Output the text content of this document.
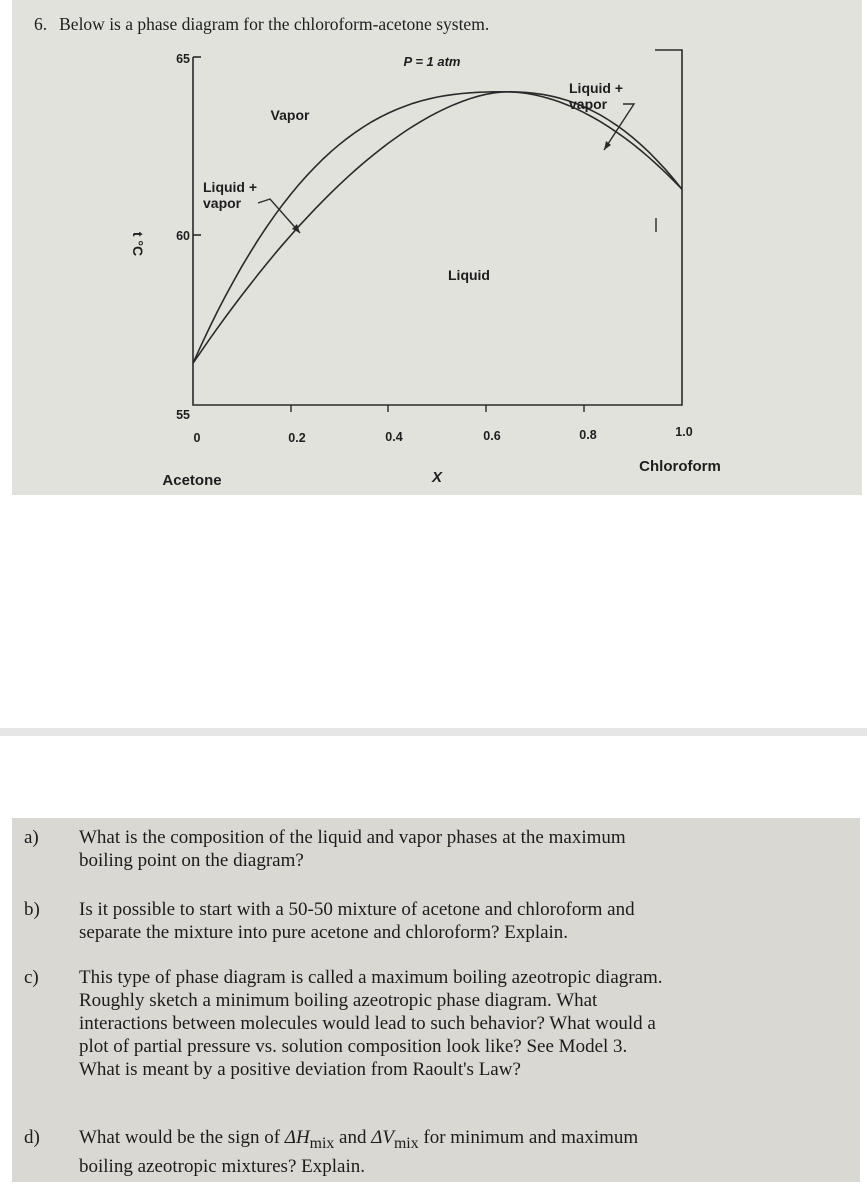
6. Below is a phase diagram for the chloroform-acetone system.
65
60
55
t °C
0	0.2	0.4	0.6	0.8	1.0
X
Acetone
Chloroform
P = 1 atm
Vapor
Liquid
Liquid +
vapor
Liquid +
vapor
a) What is the composition of the liquid and vapor phases at the maximum
boiling point on the diagram?
b) Is it possible to start with a 50-50 mixture of acetone and chloroform and
separate the mixture into pure acetone and chloroform? Explain.
c) This type of phase diagram is called a maximum boiling azeotropic diagram.
Roughly sketch a minimum boiling azeotropic phase diagram. What
interactions between molecules would lead to such behavior? What would a
plot of partial pressure vs. solution composition look like? See Model 3.
What is meant by a positive deviation from Raoult's Law?
d) What would be the sign of $\Delta H_{mix}$ and $\Delta V_{mix}$ for minimum and maximum
boiling azeotropic mixtures? Explain.
